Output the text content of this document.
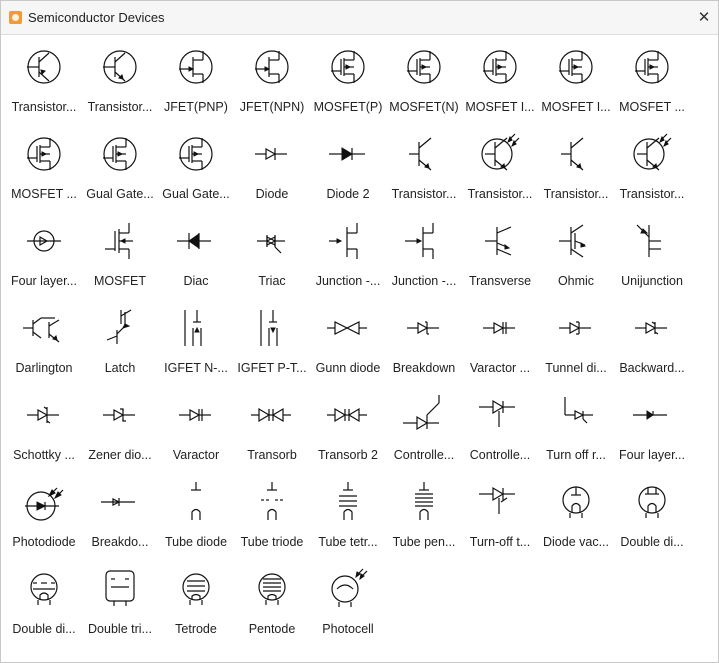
Semiconductor Devices	✕
Transistor... Transistor... JFET(PNP) JFET(NPN) MOSFET(P) MOSFET(N) MOSFET I... MOSFET I... MOSFET ...
MOSFET ... Gual Gate... Gual Gate...	Diode	Diode 2	Transistor... Transistor... Transistor... Transistor...
Four layer...	MOSFET	Diac	Triac	Junction -... Junction -...	Transverse	Ohmic	Unijunction
Darlington	Latch	IGFET N-... IGFET P-T... Gunn diode Breakdown	Varactor ...	Tunnel di...	Backward...
Schottky ...	Zener dio...	Varactor	Transorb	Transorb 2	Controlle...	Controlle...	Turn off r...	Four layer...
Photodiode	Breakdo...	Tube diode	Tube triode	Tube tetr...	Tube pen...	Turn-off t...	Diode vac... Double di...
Double di... Double tri...	Tetrode	Pentode	Photocell
